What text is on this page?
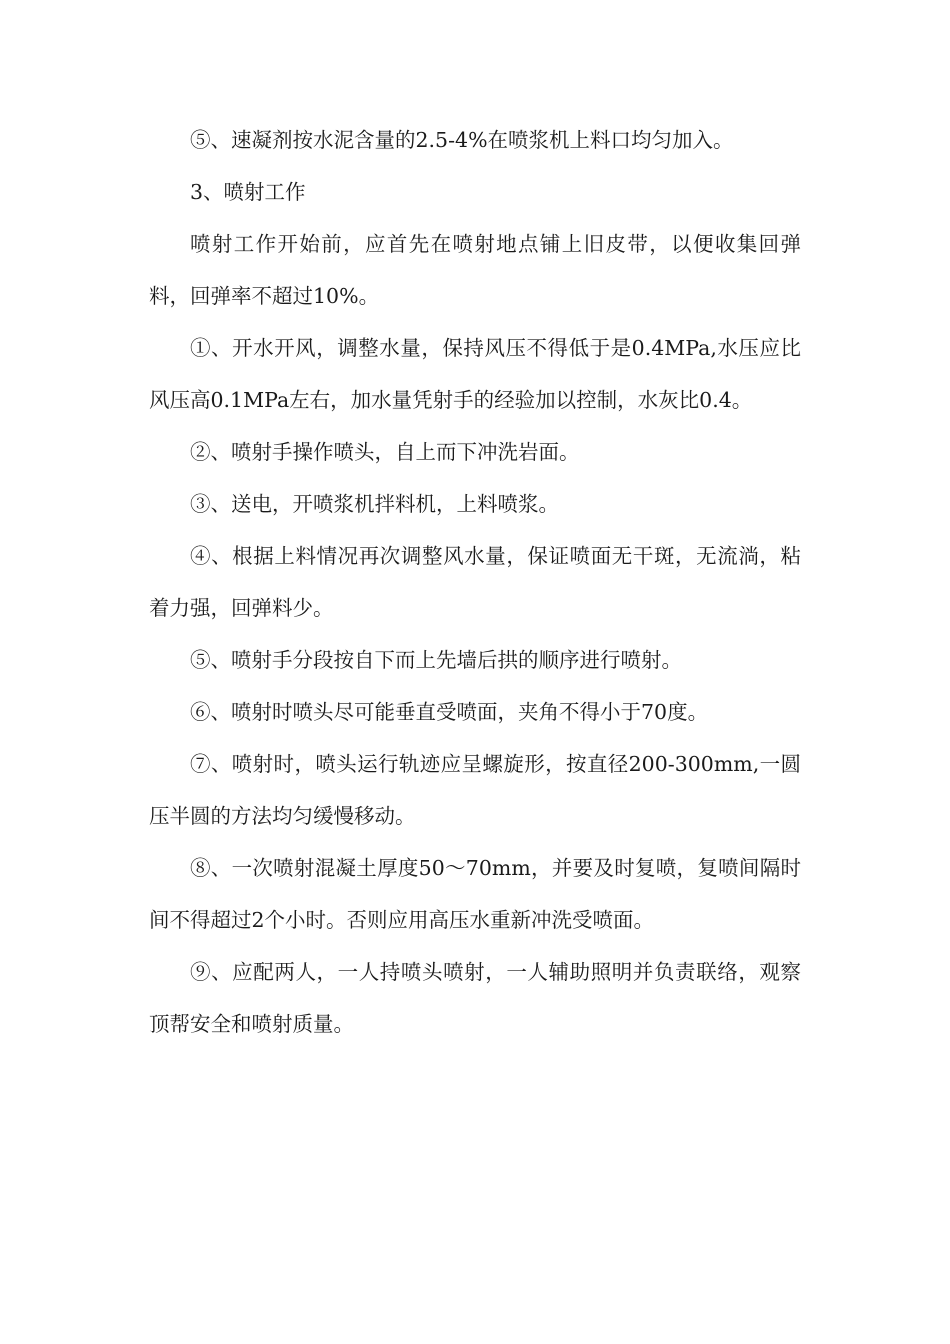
⑤、速凝剂按水泥含量的2.5-4%在喷浆机上料口均匀加入。

3、喷射工作

喷射工作开始前，应首先在喷射地点铺上旧皮带，以便收集回弹料，回弹率不超过10%。

①、开水开风，调整水量，保持风压不得低于是0.4MPa,水压应比风压高0.1MPa左右，加水量凭射手的经验加以控制，水灰比0.4。

②、喷射手操作喷头，自上而下冲洗岩面。

③、送电，开喷浆机拌料机，上料喷浆。

④、根据上料情况再次调整风水量，保证喷面无干斑，无流淌，粘着力强，回弹料少。

⑤、喷射手分段按自下而上先墙后拱的顺序进行喷射。

⑥、喷射时喷头尽可能垂直受喷面，夹角不得小于70度。

⑦、喷射时，喷头运行轨迹应呈螺旋形，按直径200-300mm,一圆压半圆的方法均匀缓慢移动。

⑧、一次喷射混凝土厚度50～70mm，并要及时复喷，复喷间隔时间不得超过2个小时。否则应用高压水重新冲洗受喷面。

⑨、应配两人，一人持喷头喷射，一人辅助照明并负责联络，观察顶帮安全和喷射质量。
